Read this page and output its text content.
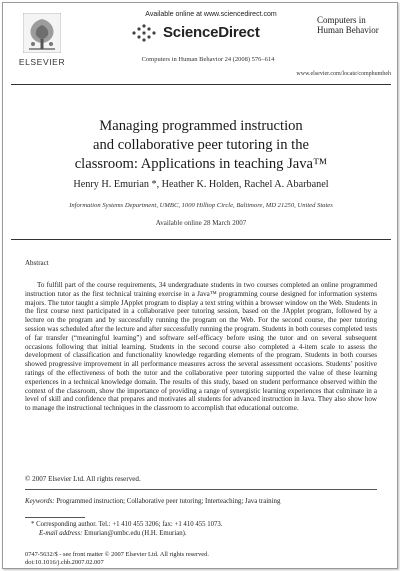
ELSEVIER
Available online at www.sciencedirect.com
ScienceDirect
Computers in Human Behavior 24 (2008) 576–614
Computers in
Human Behavior
www.elsevier.com/locate/comphumbeh
Managing programmed instruction
and collaborative peer tutoring in the
classroom: Applications in teaching Java™
Henry H. Emurian *, Heather K. Holden, Rachel A. Abarbanel
Information Systems Department, UMBC, 1000 Hilltop Circle, Baltimore, MD 21250, United States
Available online 28 March 2007
Abstract

To fulfill part of the course requirements, 34 undergraduate students in two courses completed an online programmed instruction tutor as the first technical training exercise in a Java™ programming course designed for information systems majors. The tutor taught a simple JApplet program to display a text string within a browser window on the Web. Students in the first course next participated in a collaborative peer tutoring session, based on the JApplet program, followed by a lecture on the program and by successfully running the program on the Web. For the second course, the peer tutoring session was scheduled after the lecture and after successfully running the program. Students in both courses completed tests of far transfer (“meaningful learning”) and software self-efficacy before using the tutor and on several subsequent occasions following that initial learning. Students in the second course also completed a 4-item scale to assess the development of classification and functionality knowledge regarding elements of the program. Students in both courses showed progressive improvement in all performance measures across the several assessment occasions. Students’ positive ratings of the effectiveness of both the tutor and the collaborative peer tutoring supported the value of these learning experiences in a technical knowledge domain. The results of this study, based on student performance observed within the context of the classroom, show the importance of providing a range of synergistic learning experiences that culminate in a level of skill and confidence that prepares and motivates all students for advanced instruction in Java. They also show how to manage the instructional techniques in the classroom to accomplish that educational outcome.

© 2007 Elsevier Ltd. All rights reserved.
Keywords: Programmed instruction; Collaborative peer tutoring; Interteaching; Java training
* Corresponding author. Tel.: +1 410 455 3206; fax: +1 410 455 1073.
E-mail address: Emurian@umbc.edu (H.H. Emurian).
0747-5632/$ - see front matter © 2007 Elsevier Ltd. All rights reserved.
doi:10.1016/j.chb.2007.02.007
